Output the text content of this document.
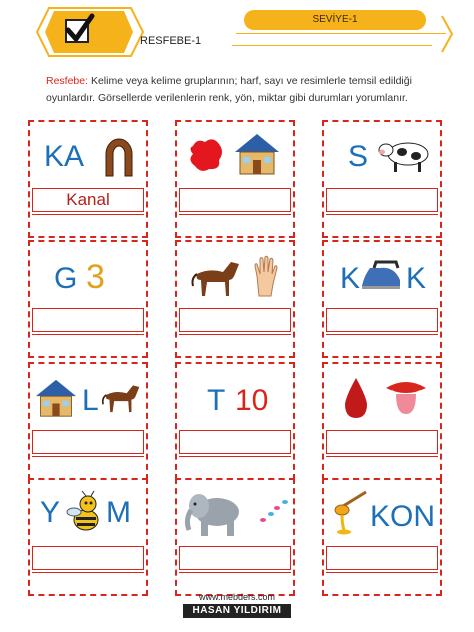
SEVİYE-1
RESFEBE-1
Resfebe: Kelime veya kelime gruplarının; harf, sayı ve resimlerle temsil edildiği oyunlardır. Görsellerde verilenlerin renk, yön, miktar gibi durumları yorumlanır.
KA
Kanal
S
G 3	K K
L	T 10
Y M	KON
www.mebders.com
HASAN YILDIRIM
